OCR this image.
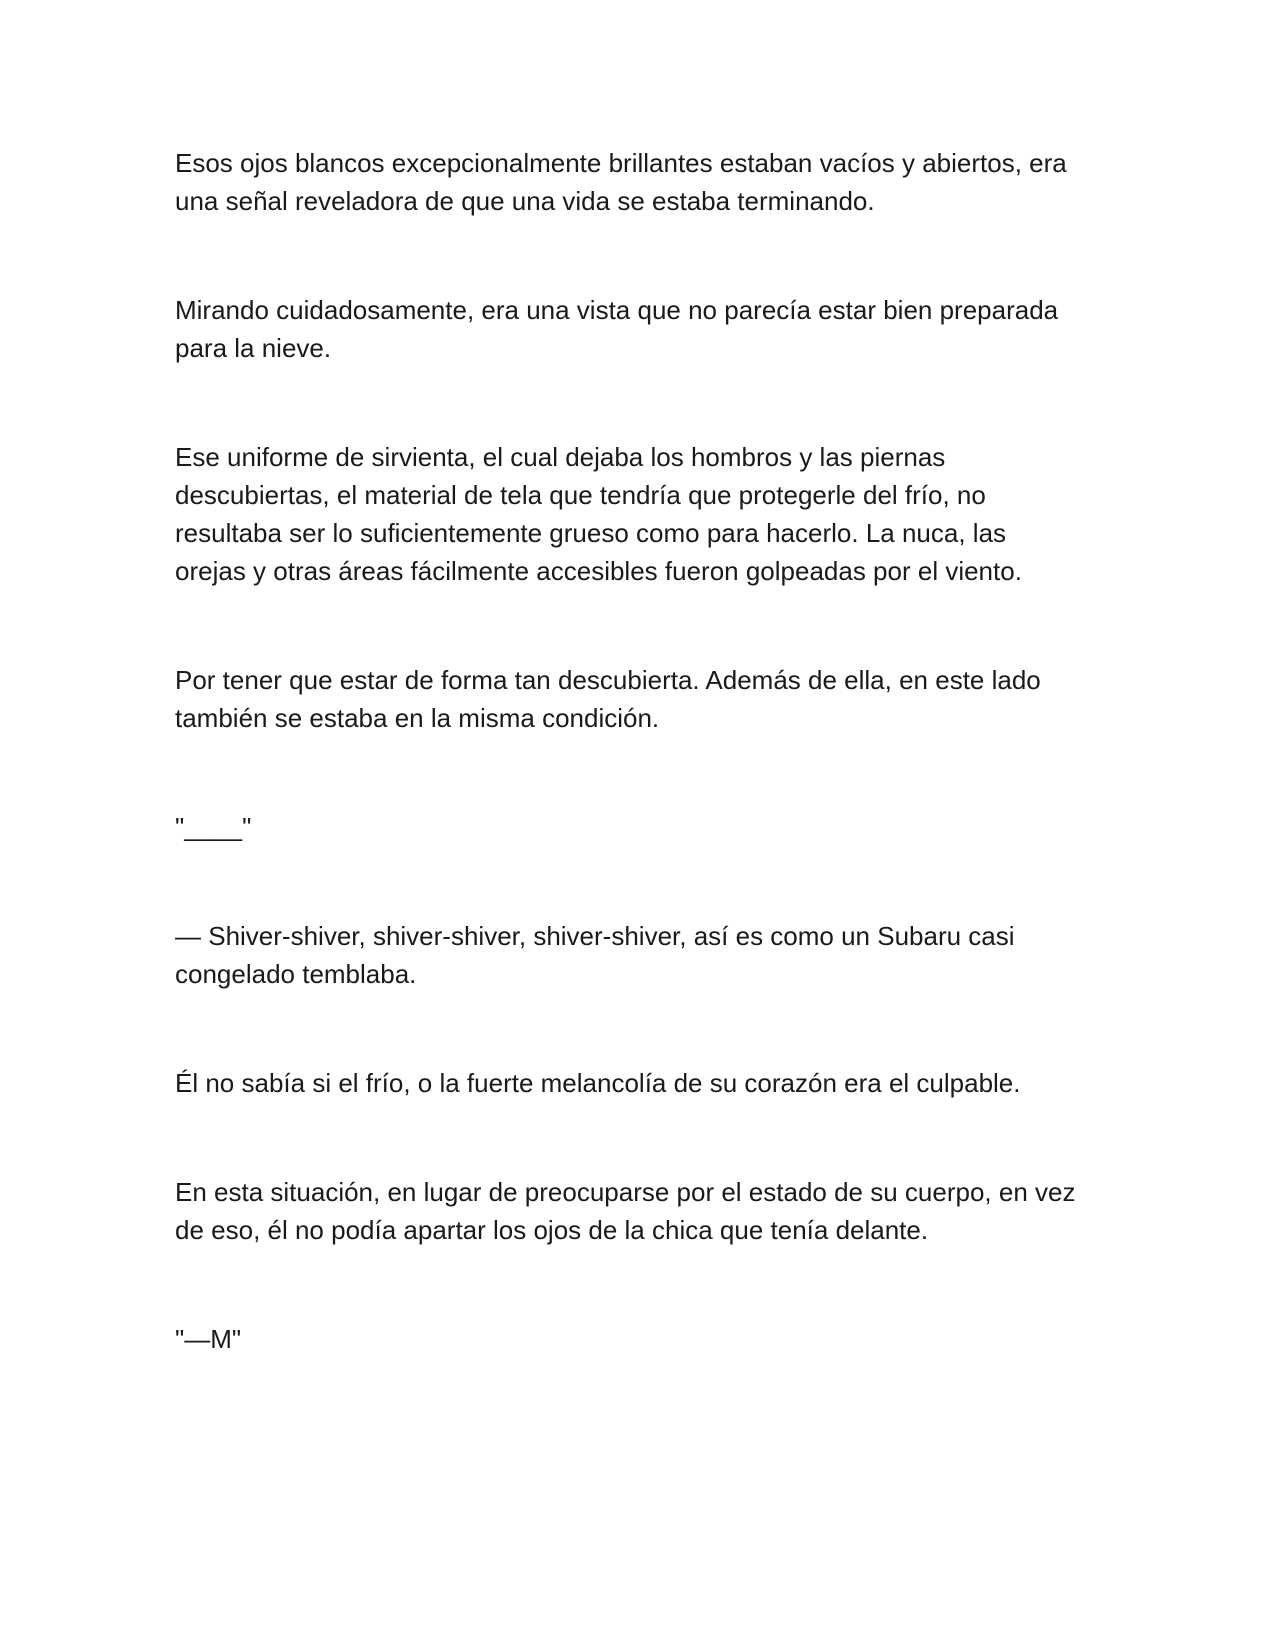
Esos ojos blancos excepcionalmente brillantes estaban vacíos y abiertos, era
una señal reveladora de que una vida se estaba terminando.

Mirando cuidadosamente, era una vista que no parecía estar bien preparada
para la nieve.

Ese uniforme de sirvienta, el cual dejaba los hombros y las piernas
descubiertas, el material de tela que tendría que protegerle del frío, no
resultaba ser lo suficientemente grueso como para hacerlo. La nuca, las
orejas y otras áreas fácilmente accesibles fueron golpeadas por el viento.

Por tener que estar de forma tan descubierta. Además de ella, en este lado
también se estaba en la misma condición.

"____"

— Shiver-shiver, shiver-shiver, shiver-shiver, así es como un Subaru casi
congelado temblaba.

Él no sabía si el frío, o la fuerte melancolía de su corazón era el culpable.

En esta situación, en lugar de preocuparse por el estado de su cuerpo, en vez
de eso, él no podía apartar los ojos de la chica que tenía delante.

"—M"
